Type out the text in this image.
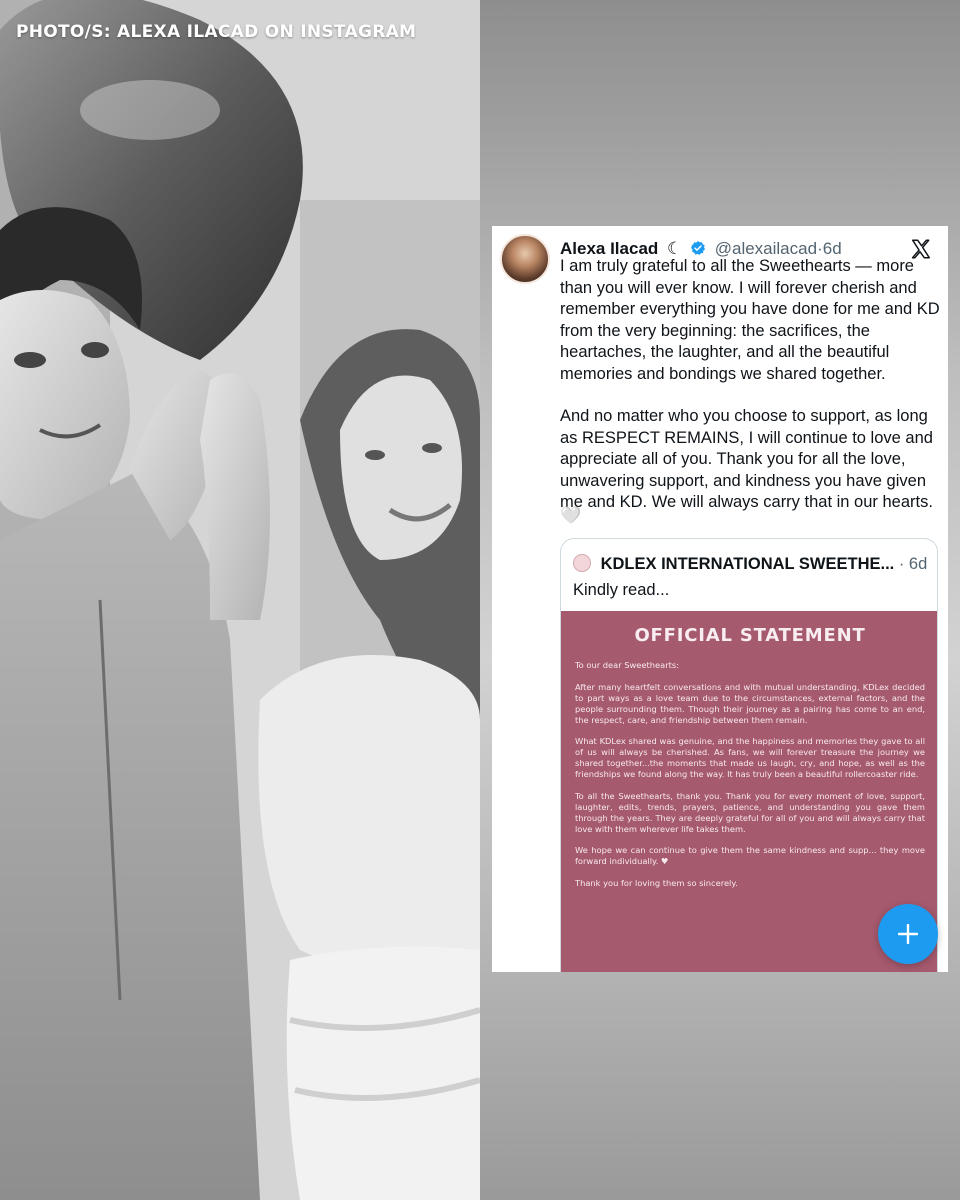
PHOTO/S: ALEXA ILACAD ON INSTAGRAM
Alexa Ilacad ☾ @alexailacad·6d

I am truly grateful to all the Sweethearts — more than you will ever know. I will forever cherish and remember everything you have done for me and KD from the very beginning: the sacrifices, the heartaches, the laughter, and all the beautiful memories and bondings we shared together.

And no matter who you choose to support, as long as RESPECT REMAINS, I will continue to love and appreciate all of you. Thank you for all the love, unwavering support, and kindness you have given me and KD. We will always carry that in our hearts.

🤍
KDLEX INTERNATIONAL SWEETHE... · 6d
Kindly read...
OFFICIAL STATEMENT

To our dear Sweethearts:

After many heartfelt conversations and with mutual understanding, KDLex decided to part ways as a love team due to the circumstances, external factors, and the people surrounding them. Though their journey as a pairing has come to an end, the respect, care, and friendship between them remain.

What KDLex shared was genuine, and the happiness and memories they gave to all of us will always be cherished. As fans, we will forever treasure the journey we shared together...the moments that made us laugh, cry, and hope, as well as the friendships we found along the way. It has truly been a beautiful rollercoaster ride.

To all the Sweethearts, thank you. Thank you for every moment of love, support, laughter, edits, trends, prayers, patience, and understanding you gave them through the years. They are deeply grateful for all of you and will always carry that love with them wherever life takes them.

We hope we can continue to give them the same kindness and supp... they move forward individually. ♥

Thank you for loving them so sincerely.
